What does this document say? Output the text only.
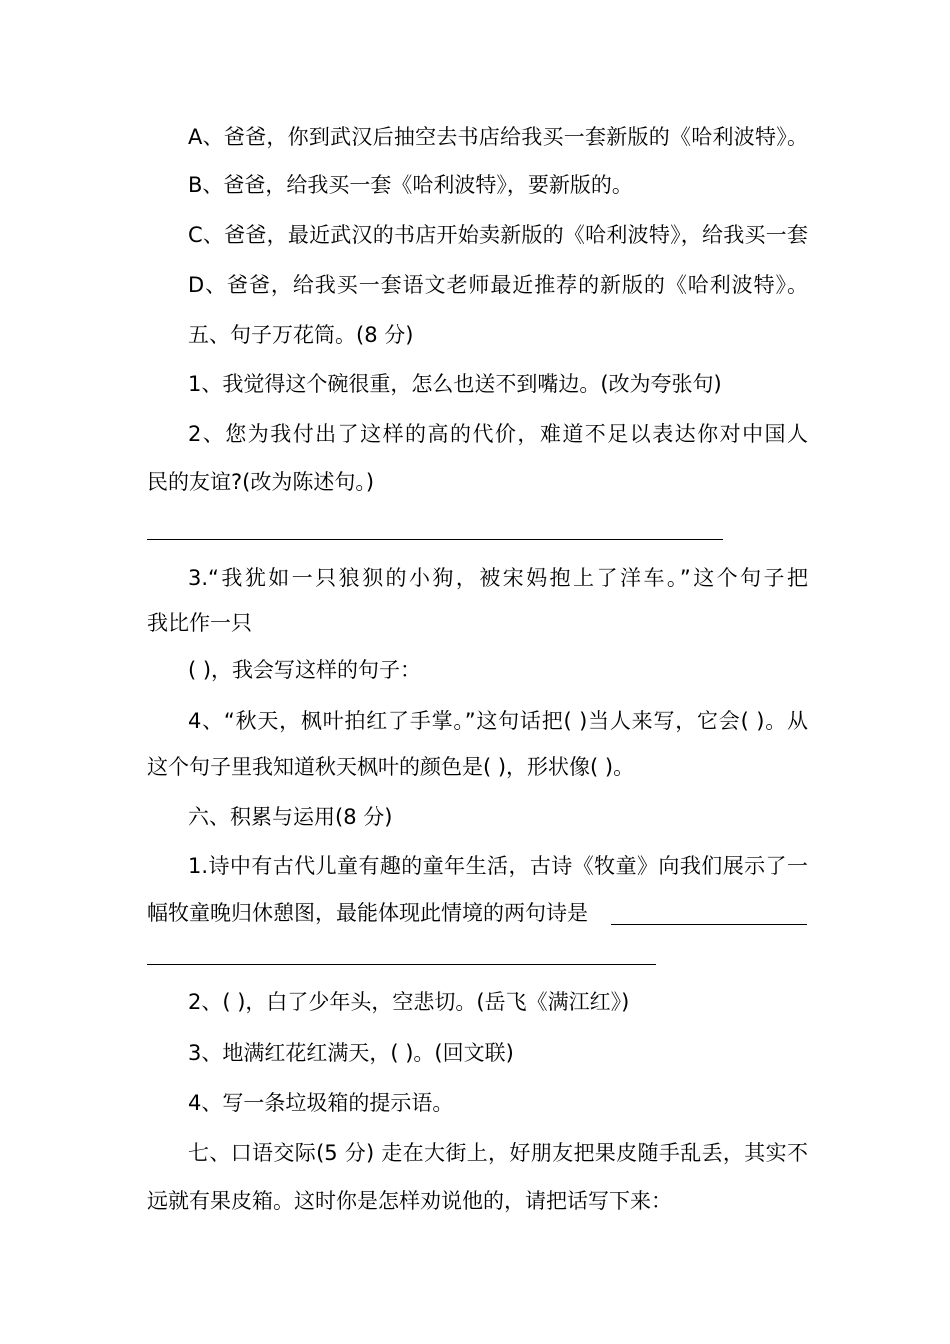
A、爸爸，你到武汉后抽空去书店给我买一套新版的《哈利波特》。
B、爸爸，给我买一套《哈利波特》，要新版的。
C、爸爸，最近武汉的书店开始卖新版的《哈利波特》，给我买一套
D、爸爸，给我买一套语文老师最近推荐的新版的《哈利波特》。
五、句子万花筒。(8 分)
1、我觉得这个碗很重，怎么也送不到嘴边。(改为夸张句)
2、您为我付出了这样的高的代价，难道不足以表达你对中国人
民的友谊?(改为陈述句。)
3.“我犹如一只狼狈的小狗，被宋妈抱上了洋车。”这个句子把
我比作一只
( )，我会写这样的句子：
4、“秋天，枫叶拍红了手掌。”这句话把( )当人来写，它会( )。从
这个句子里我知道秋天枫叶的颜色是( )，形状像( )。
六、积累与运用(8 分)
1.诗中有古代儿童有趣的童年生活，古诗《牧童》向我们展示了一
幅牧童晚归休憩图，最能体现此情境的两句诗是
2、( )，白了少年头，空悲切。(岳飞《满江红》)
3、地满红花红满天，( )。(回文联)
4、写一条垃圾箱的提示语。
七、口语交际(5 分) 走在大街上，好朋友把果皮随手乱丢，其实不
远就有果皮箱。这时你是怎样劝说他的，请把话写下来：
